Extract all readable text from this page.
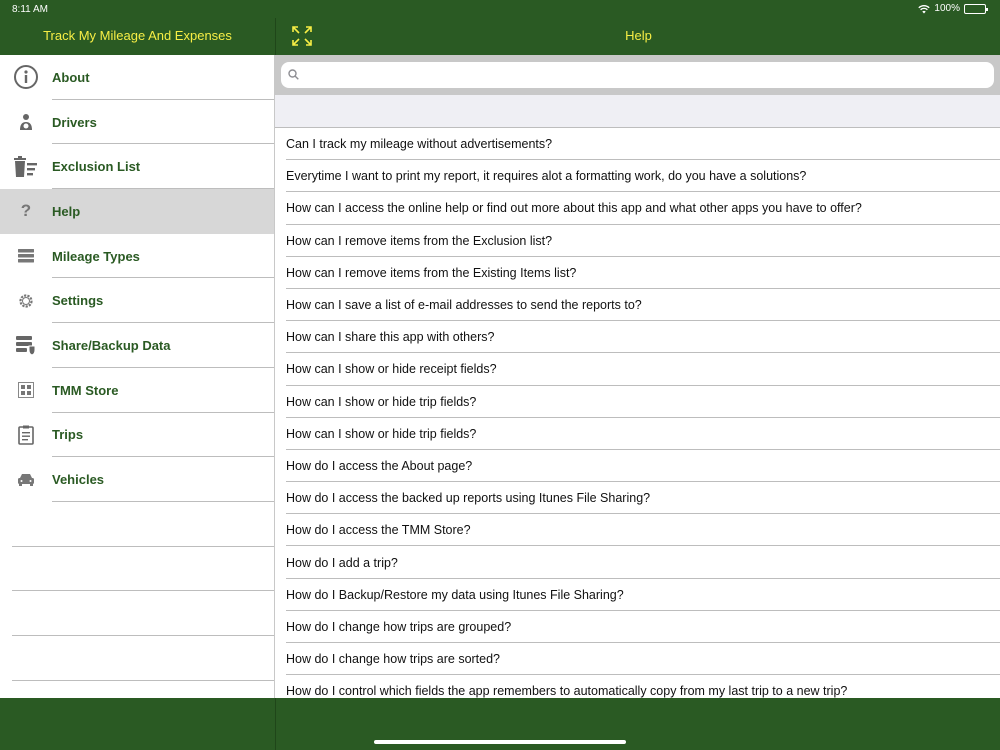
8:11 AM	100%
Track My Mileage And Expenses
About
Drivers
Exclusion List
? Help
Mileage Types
Settings
Share/Backup Data
TMM Store
Trips
Vehicles
Help
Can I track my mileage without advertisements?
Everytime I want to print my report, it requires alot a formatting work, do you have a solutions?
How can I access the online help or find out more about this app and what other apps you have to offer?
How can I remove items from the Exclusion list?
How can I remove items from the Existing Items list?
How can I save a list of e-mail addresses to send the reports to?
How can I share this app with others?
How can I show or hide receipt fields?
How can I show or hide trip fields?
How can I show or hide trip fields?
How do I access the About page?
How do I access the backed up reports using Itunes File Sharing?
How do I access the TMM Store?
How do I add a trip?
How do I Backup/Restore my data using Itunes File Sharing?
How do I change how trips are grouped?
How do I change how trips are sorted?
How do I control which fields the app remembers to automatically copy from my last trip to a new trip?
